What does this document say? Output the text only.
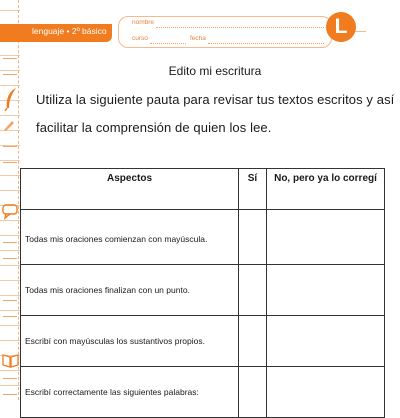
lenguaje • 2º básico
nombre
curso	fecha
L
Edito mi escritura
Utiliza la siguiente pauta para revisar tus textos escritos y así
facilitar la comprensión de quien los lee.
Aspectos	Sí	No, pero ya lo corregí
Todas mis oraciones comienzan con mayúscula.		
Todas mis oraciones finalizan con un punto.		
Escribí con mayúsculas los sustantivos propios.		
Escribí correctamente las siguientes palabras:		
